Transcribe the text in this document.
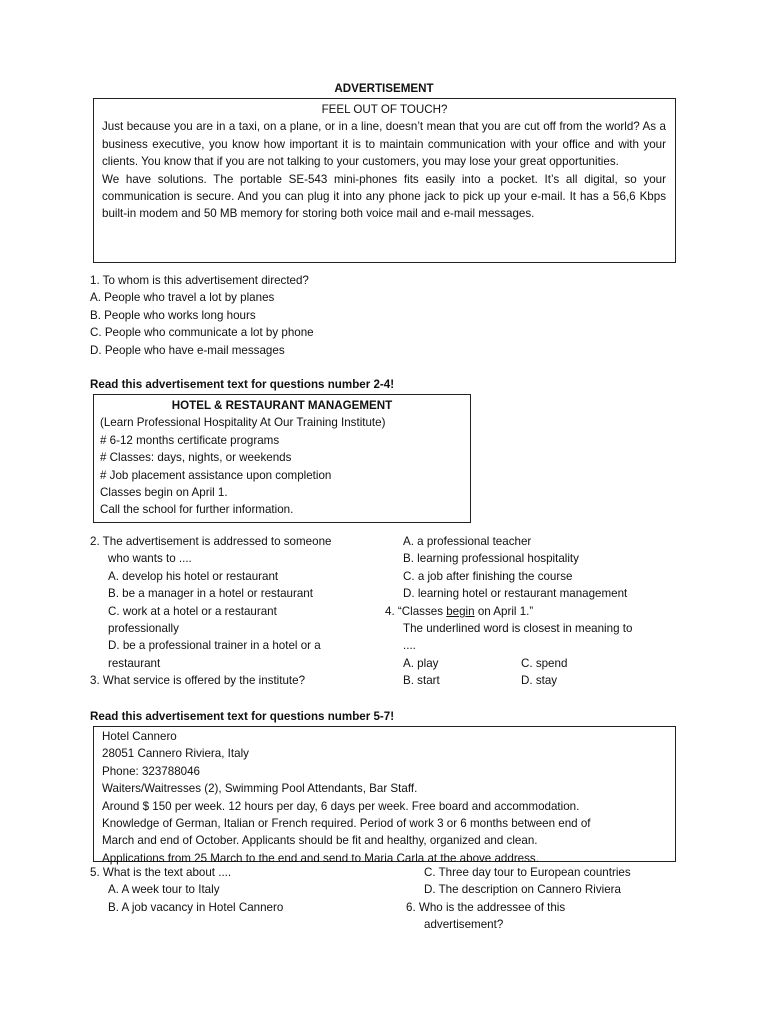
ADVERTISEMENT
FEEL OUT OF TOUCH?
Just because you are in a taxi, on a plane, or in a line, doesn’t mean that you are cut off from the world? As a business executive, you know how important it is to maintain communication with your office and with your clients. You know that if you are not talking to your customers, you may lose your great opportunities.
We have solutions. The portable SE-543 mini-phones fits easily into a pocket. It’s all digital, so your communication is secure. And you can plug it into any phone jack to pick up your e-mail. It has a 56,6 Kbps built-in modem and 50 MB memory for storing both voice mail and e-mail messages.
1. To whom is this advertisement directed?
A. People who travel a lot by planes
B. People who works long hours
C. People who communicate a lot by phone
D. People who have e-mail messages
Read this advertisement text for questions number 2-4!
HOTEL & RESTAURANT MANAGEMENT
(Learn Professional Hospitality At Our Training Institute)
# 6-12 months certificate programs
# Classes: days, nights, or weekends
# Job placement assistance upon completion
Classes begin on April 1.
Call the school for further information.
2. The advertisement is addressed to someone
who wants to ....
A. develop his hotel or restaurant
B. be a manager in a hotel or restaurant
C. work at a hotel or a restaurant
professionally
D. be a professional trainer in a hotel or a
restaurant
3. What service is offered by the institute?
A. a professional teacher
B. learning professional hospitality
C. a job after finishing the course
D. learning hotel or restaurant management
4. “Classes begin on April 1.”
The underlined word is closest in meaning to
....
A. play	C. spend
B. start	D. stay
Read this advertisement text for questions number 5-7!
Hotel Cannero
28051 Cannero Riviera, Italy
Phone: 323788046
Waiters/Waitresses (2), Swimming Pool Attendants, Bar Staff.
Around $ 150 per week. 12 hours per day, 6 days per week. Free board and accommodation.
Knowledge of German, Italian or French required. Period of work 3 or 6 months between end of
March and end of October. Applicants should be fit and healthy, organized and clean.
Applications from 25 March to the end and send to Maria Carla at the above address.
5. What is the text about ....
A. A week tour to Italy
B. A job vacancy in Hotel Cannero
C. Three day tour to European countries
D. The description on Cannero Riviera
6. Who is the addressee of this
advertisement?
